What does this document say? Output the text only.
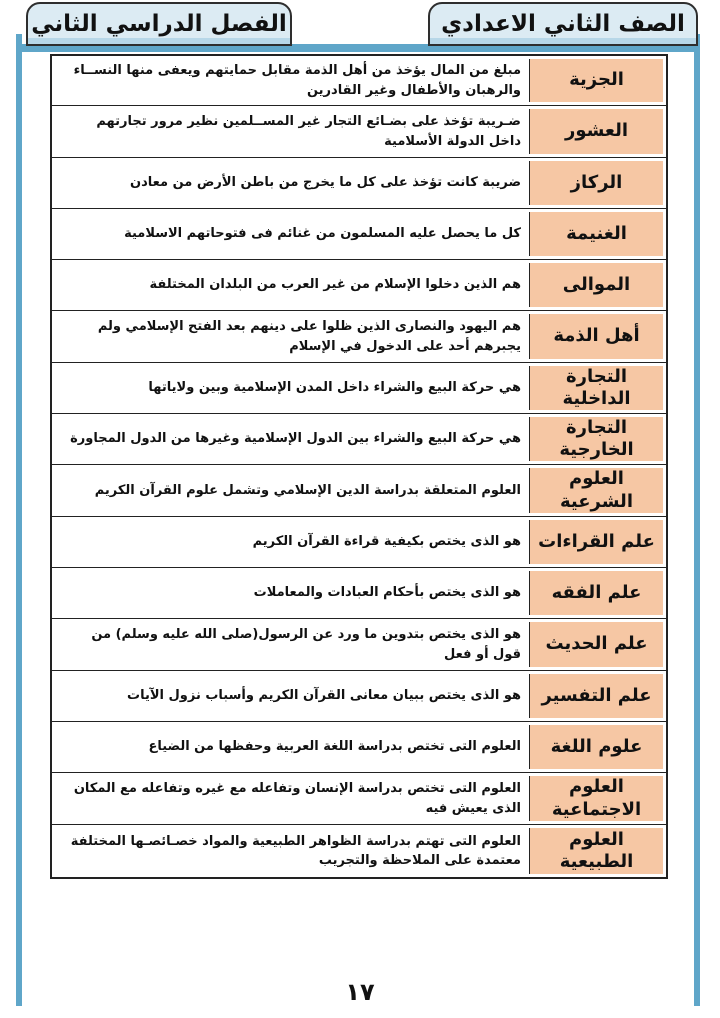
الصف الثاني الاعدادي
الفصل الدراسي الثاني
الجزية
مبلغ من المال يؤخذ من أهل الذمة مقابل حمايتهم ويعفى منها النســاء والرهبان والأطفال وغير القادرين
العشور
ضـريبة تؤخذ على بضـائع التجار غير المســلمين نظير مرور تجارتهم داخل الدولة الأسلامية
الركاز
ضريبة كانت تؤخذ على كل ما يخرج من باطن الأرض من معادن
الغنيمة
كل ما يحصل عليه المسلمون من غنائم فى فتوحاتهم الاسلامية
الموالى
هم الذين دخلوا الإسلام من غير العرب من البلدان المختلفة
أهل الذمة
هم اليهود والنصارى الذين ظلوا على دينهم بعد الفتح الإسلامي ولم يجبرهم أحد على الدخول في الإسلام
التجارة الداخلية
هي حركة البيع والشراء داخل المدن الإسلامية وبين ولاياتها
التجارة الخارجية
هي حركة البيع والشراء بين الدول الإسلامية وغيرها من الدول المجاورة
العلوم الشرعية
العلوم المتعلقة بدراسة الدين الإسلامي وتشمل علوم القرآن الكريم
علم القراءات
هو الذى يختص بكيفية قراءة القرآن الكريم
علم الفقه
هو الذى يختص بأحكام العبادات والمعاملات
علم الحديث
هو الذى يختص بتدوين ما ورد عن الرسول(صلى الله عليه وسلم) من قول أو فعل
علم التفسير
هو الذى يختص ببيان معانى القرآن الكريم وأسباب نزول الآيات
علوم اللغة
العلوم التى تختص بدراسة اللغة العربية وحفظها من الضياع
العلوم الاجتماعية
العلوم التى تختص بدراسة الإنسان وتفاعله مع غيره وتفاعله مع المكان الذى يعيش فيه
العلوم الطبيعية
العلوم التى تهتم بدراسة الظواهر الطبيعية والمواد خصـائصـها المختلفة معتمدة على الملاحظة والتجريب
١٧
